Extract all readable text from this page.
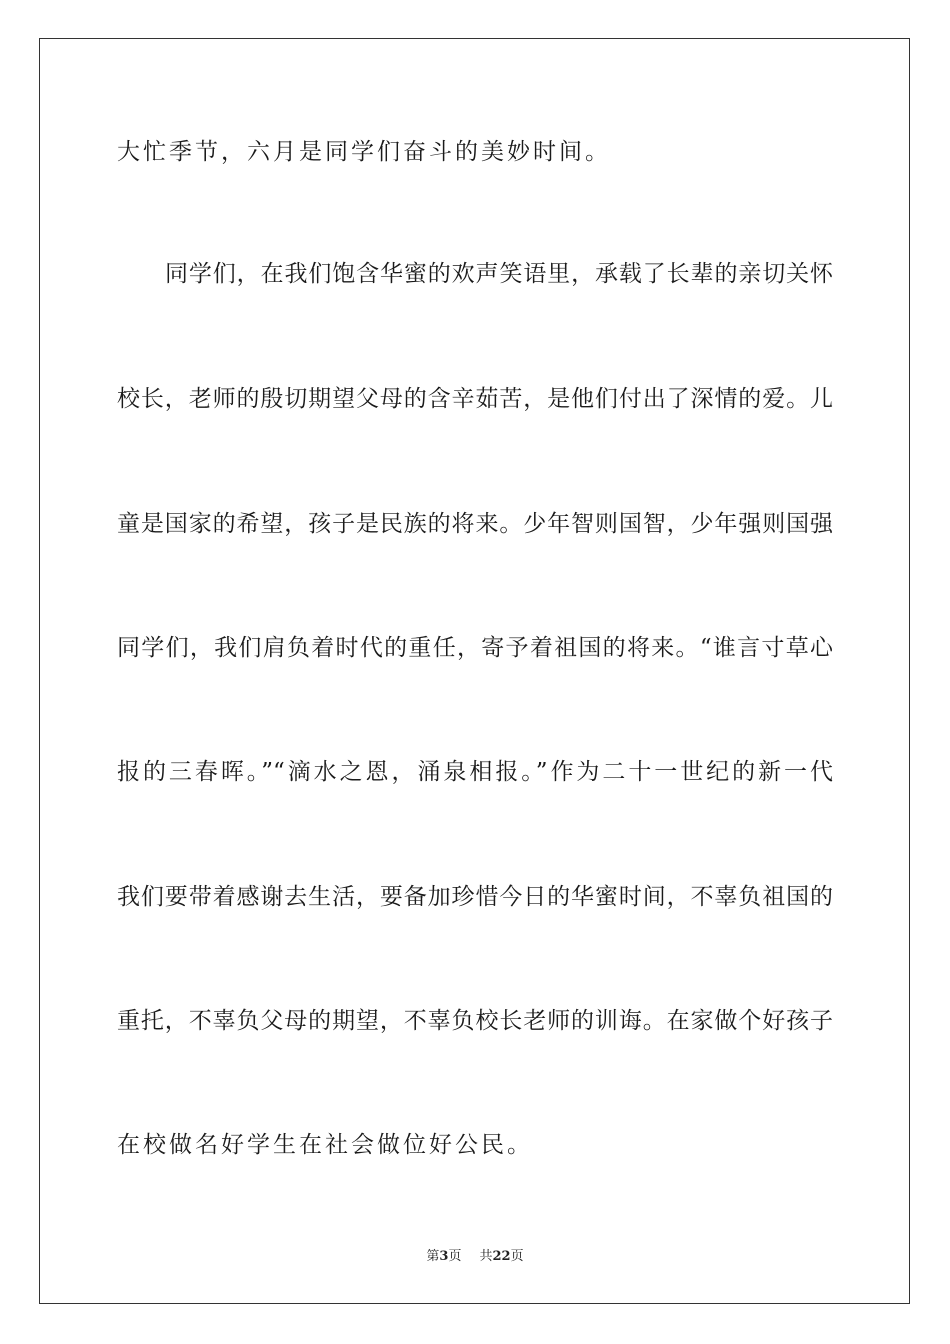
大忙季节，六月是同学们奋斗的美妙时间。
同学们，在我们饱含华蜜的欢声笑语里，承载了长辈的亲切关怀
校长，老师的殷切期望父母的含辛茹苦，是他们付出了深情的爱。儿
童是国家的希望，孩子是民族的将来。少年智则国智，少年强则国强
同学们，我们肩负着时代的重任，寄予着祖国的将来。“谁言寸草心
报的三春晖。”“滴水之恩，涌泉相报。”作为二十一世纪的新一代
我们要带着感谢去生活，要备加珍惜今日的华蜜时间，不辜负祖国的
重托，不辜负父母的期望，不辜负校长老师的训诲。在家做个好孩子
在校做名好学生在社会做位好公民。
第3页 共22页
